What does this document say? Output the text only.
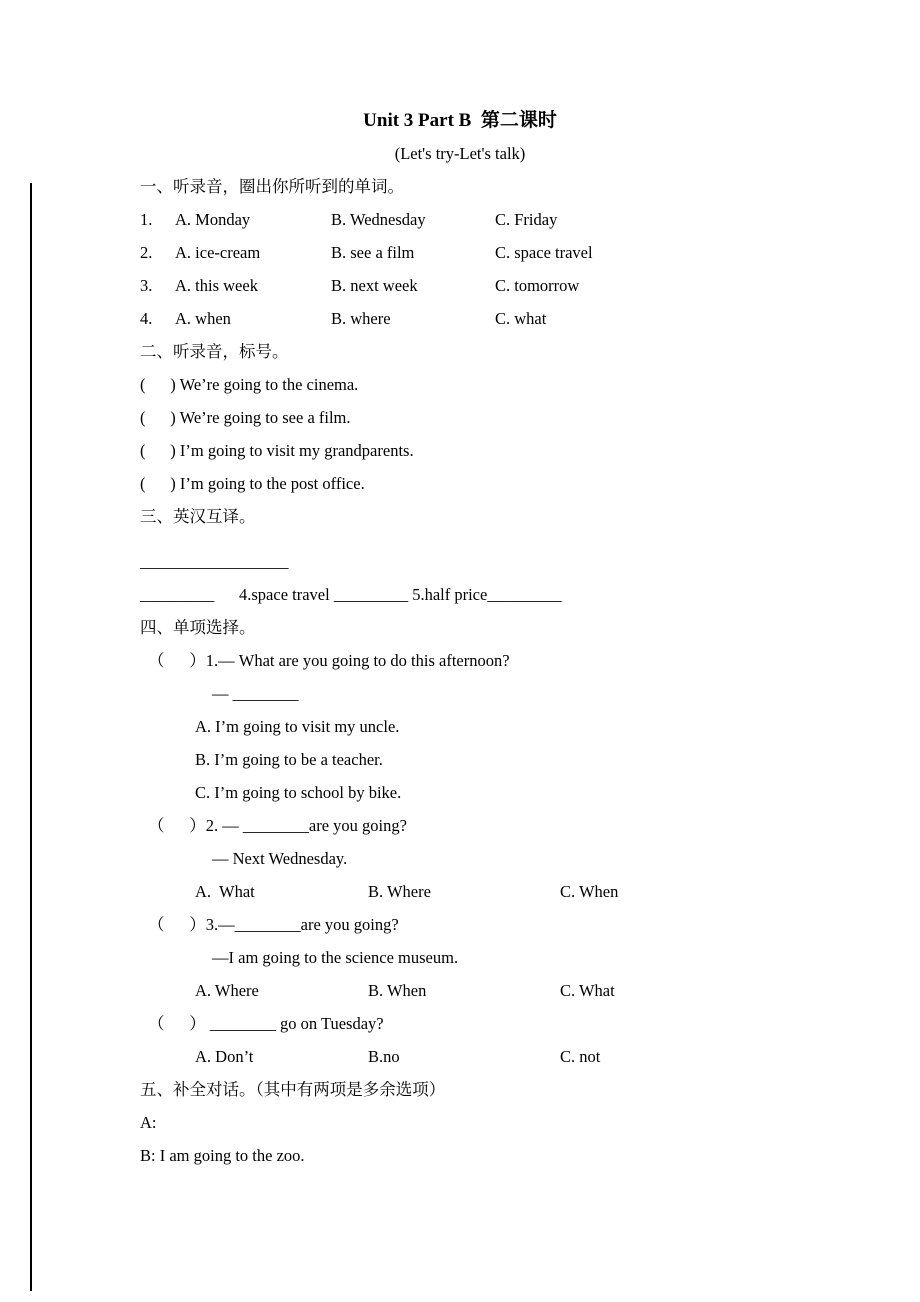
Unit 3 Part B  第二课时
(Let's try-Let's talk)
一、听录音，圈出你所听到的单词。
1.	A. Monday	B. Wednesday	C. Friday
2.	A. ice-cream	B. see a film	C. space travel
3.	A. this week	B. next week	C. tomorrow
4.	A. when	B. where	C. what
二、听录音，标号。
(      ) We’re going to the cinema.
(      ) We’re going to see a film.
(      ) I’m going to visit my grandparents.
(      ) I’m going to the post office.
三、英汉互译。
__________________
_________      4.space travel _________ 5.half price_________
四、单项选择。
（      ）1.— What are you going to do this afternoon?
— ________
A. I’m going to visit my uncle.
B. I’m going to be a teacher.
C. I’m going to school by bike.
（      ）2. — ________are you going?
— Next Wednesday.
A.  What	B. Where	C. When
（      ）3.—________are you going?
—I am going to the science museum.
A. Where	B. When	C. What
（      ） ________ go on Tuesday?
A. Don’t	B.no	C. not
五、补全对话。（其中有两项是多余选项）
A:
B: I am going to the zoo.
